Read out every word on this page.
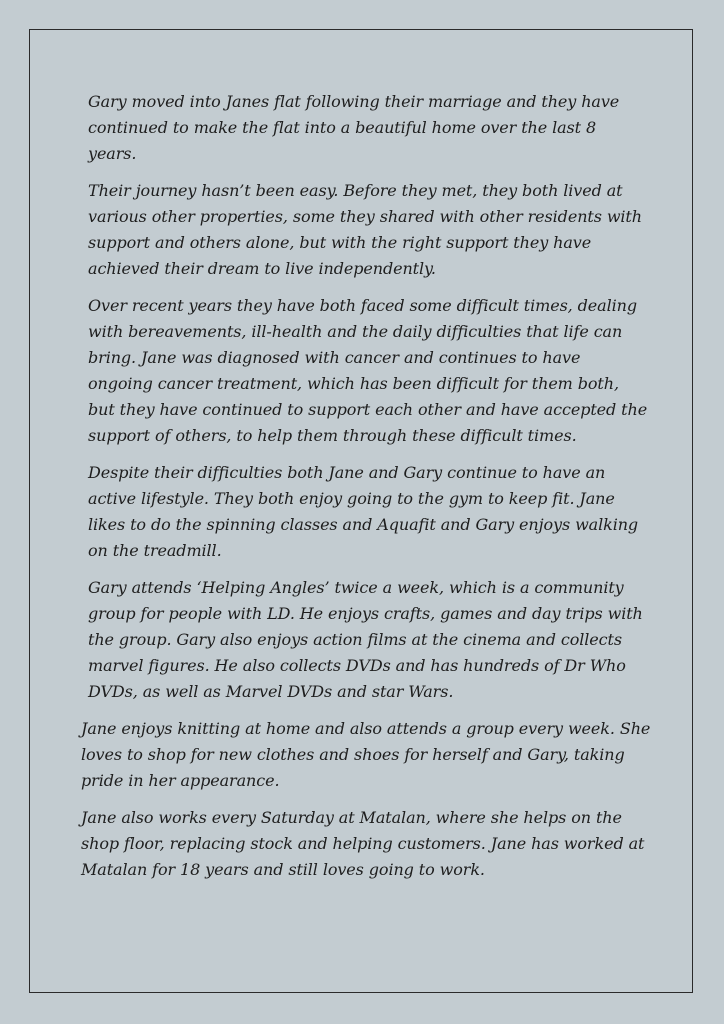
Gary moved into Janes flat following their marriage and they have continued to make the flat into a beautiful home over the last 8 years.

Their journey hasn’t been easy. Before they met, they both lived at various other properties, some they shared with other residents with support and others alone, but with the right support they have achieved their dream to live independently.

Over recent years they have both faced some difficult times, dealing with bereavements, ill-health and the daily difficulties that life can bring. Jane was diagnosed with cancer and continues to have ongoing cancer treatment, which has been difficult for them both, but they have continued to support each other and have accepted the support of others, to help them through these difficult times.

Despite their difficulties both Jane and Gary continue to have an active lifestyle. They both enjoy going to the gym to keep fit. Jane likes to do the spinning classes and Aquafit and Gary enjoys walking on the treadmill.

Gary attends ‘Helping Angles’ twice a week, which is a community group for people with LD. He enjoys crafts, games and day trips with the group. Gary also enjoys action films at the cinema and collects marvel figures. He also collects DVDs and has hundreds of Dr Who DVDs, as well as Marvel DVDs and star Wars.

Jane enjoys knitting at home and also attends a group every week. She loves to shop for new clothes and shoes for herself and Gary, taking pride in her appearance.

Jane also works every Saturday at Matalan, where she helps on the shop floor, replacing stock and helping customers. Jane has worked at Matalan for 18 years and still loves going to work.
